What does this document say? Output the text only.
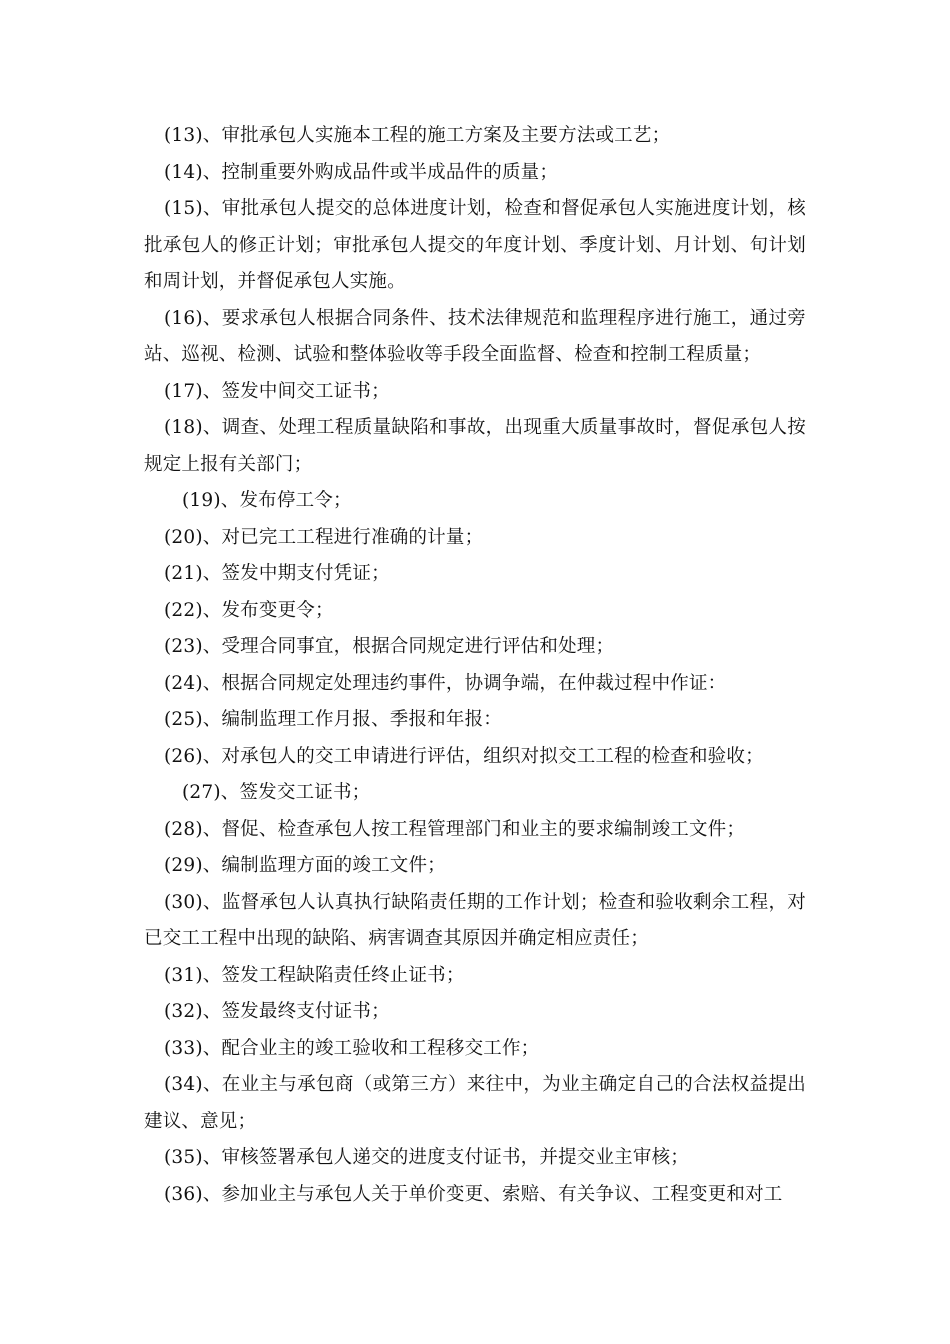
(13)、审批承包人实施本工程的施工方案及主要方法或工艺；

(14)、控制重要外购成品件或半成品件的质量；

(15)、审批承包人提交的总体进度计划，检查和督促承包人实施进度计划，核批承包人的修正计划；审批承包人提交的年度计划、季度计划、月计划、旬计划和周计划，并督促承包人实施。

(16)、要求承包人根据合同条件、技术法律规范和监理程序进行施工，通过旁站、巡视、检测、试验和整体验收等手段全面监督、检查和控制工程质量；

(17)、签发中间交工证书；

(18)、调查、处理工程质量缺陷和事故，出现重大质量事故时，督促承包人按规定上报有关部门；

(19)、发布停工令；

(20)、对已完工工程进行准确的计量；

(21)、签发中期支付凭证；

(22)、发布变更令；

(23)、受理合同事宜，根据合同规定进行评估和处理；

(24)、根据合同规定处理违约事件，协调争端，在仲裁过程中作证：

(25)、编制监理工作月报、季报和年报：

(26)、对承包人的交工申请进行评估，组织对拟交工工程的检查和验收；

(27)、签发交工证书；

(28)、督促、检查承包人按工程管理部门和业主的要求编制竣工文件；

(29)、编制监理方面的竣工文件；

(30)、监督承包人认真执行缺陷责任期的工作计划；检查和验收剩余工程，对已交工工程中出现的缺陷、病害调查其原因并确定相应责任；

(31)、签发工程缺陷责任终止证书；

(32)、签发最终支付证书；

(33)、配合业主的竣工验收和工程移交工作；

(34)、在业主与承包商（或第三方）来往中，为业主确定自己的合法权益提出建议、意见；

(35)、审核签署承包人递交的进度支付证书，并提交业主审核；

(36)、参加业主与承包人关于单价变更、索赔、有关争议、工程变更和对工
